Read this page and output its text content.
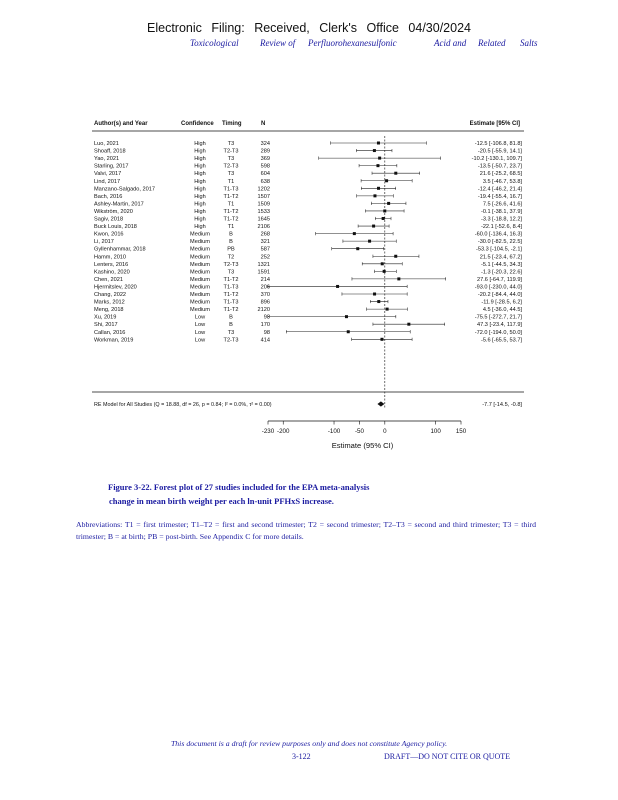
Electronic Filing: Received, Clerk's Office 04/30/2024
Toxicological Review of Perfluorohexanesulfonic	Acid and Related Salts
Author(s) and Year	Confidence Timing	N	Estimate [95% CI]
Luo, 2021	High	T3	324	-12.5 [-106.8, 81.8]
Shoaff, 2018	High	T2-T3	289	-20.5 [-55.9, 14.1]
Yao, 2021	High	T3	369	-10.2 [-130.1, 109.7]
Starling, 2017	High	T2-T3	598	-13.5 [-50.7, 23.7]
Valvi, 2017	High	T3	604	21.6 [-25.2, 68.5]
Lind, 2017	High	T1	638	3.5 [-46.7, 53.8]
Manzano-Salgado, 2017	High	T1-T3	1202	-12.4 [-46.2, 21.4]
Bach, 2016	High	T1-T2	1507	-19.4 [-55.4, 16.7]
Ashley-Martin, 2017	High	T1	1509	7.5 [-26.6, 41.6]
Wikström, 2020	High	T1-T2	1533	-0.1 [-38.1, 37.9]
Sagiv, 2018	High	T1-T2	1645	-3.3 [-18.8, 12.2]
Buck Louis, 2018	High	T1	2106	-22.1 [-52.6, 8.4]
Kwon, 2016	Medium	B	268	-60.0 [-136.4, 16.3]
Li, 2017	Medium	B	321	-30.0 [-82.5, 22.5]
Gyllenhammar, 2018	Medium	PB	587	-53.3 [-104.5, -2.1]
Hamm, 2010	Medium	T2	252	21.5 [-23.4, 67.2]
Lenters, 2016	Medium T2-T3	1321	-5.1 [-44.5, 34.3]
Kashino, 2020	Medium	T3	1591	-1.3 [-20.3, 22.6]
Chen, 2021	Medium T1-T2	214	27.6 [-64.7, 119.9]
Hjermitslev, 2020	Medium T1-T3	206	-93.0 [-230.0, 44.0]
Chang, 2022	Medium T1-T2	370	-20.2 [-84.4, 44.0]
Marks, 2012	Medium T1-T3	896	-11.9 [-28.5, 6.2]
Meng, 2018	Medium T1-T2	2120	4.5 [-36.0, 44.5]
Xu, 2019	Low	B	98	-75.5 [-272.7, 21.7]
Shi, 2017	Low	B	170	47.3 [-23.4, 117.9]
Callan, 2016	Low	T3	98	-72.0 [-194.0, 50.0]
Workman, 2019	Low	T2-T3	414	-5.6 [-65.5, 53.7]
RE Model for All Studies (Q = 18.88, df = 26, p = 0.84; I² = 0.0%, τ² = 0.00)	-7.7 [-14.5, -0.8]
-230 -200	-100 -50	0	100 150
Estimate (95% CI)
Figure 3-22. Forest plot of 27 studies included for the EPA meta-analysis
change in mean birth weight per each ln-unit PFHxS increase.
Abbreviations: T1 = first trimester; T1–T2 = first and second trimester; T2 = second trimester; T2–T3 = second and third trimester; T3 = third trimester; B = at birth; PB = post-birth. See Appendix C for more details.
This document is a draft for review purposes only and does not constitute Agency policy.
3-122	DRAFT—DO NOT CITE OR QUOTE
